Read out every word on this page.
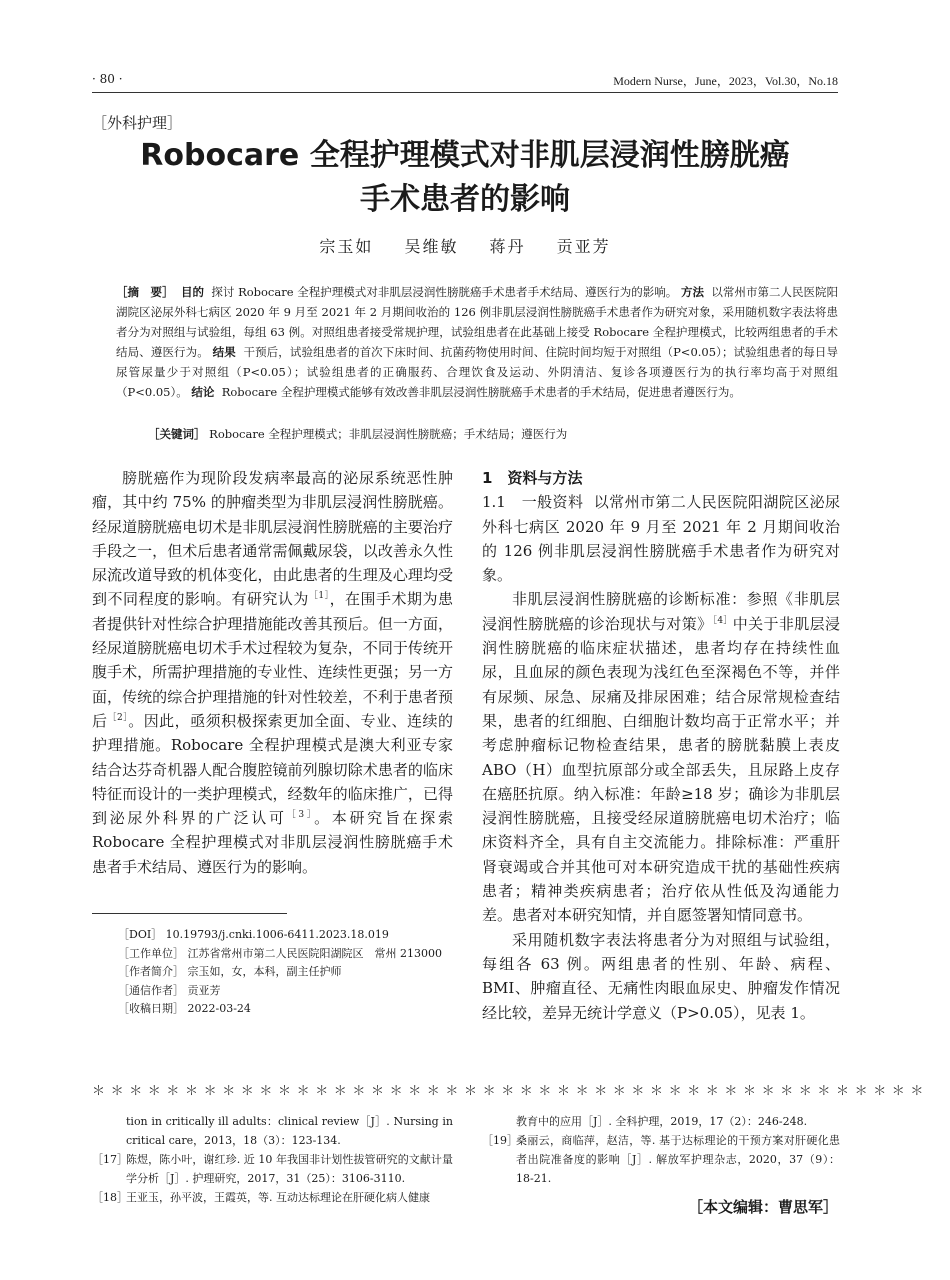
· 80 ·	Modern Nurse，June，2023，Vol.30，No.18
［外科护理］
Robocare 全程护理模式对非肌层浸润性膀胱癌
手术患者的影响
宗玉如 吴维敏 蒋丹 贡亚芳
［摘　要］ 目的 探讨 Robocare 全程护理模式对非肌层浸润性膀胱癌手术患者手术结局、遵医行为的影响。 方法 以常州市第二人民医院阳湖院区泌尿外科七病区 2020 年 9 月至 2021 年 2 月期间收治的 126 例非肌层浸润性膀胱癌手术患者作为研究对象，采用随机数字表法将患者分为对照组与试验组，每组 63 例。对照组患者接受常规护理，试验组患者在此基础上接受 Robocare 全程护理模式，比较两组患者的手术结局、遵医行为。 结果 干预后，试验组患者的首次下床时间、抗菌药物使用时间、住院时间均短于对照组（P<0.05）；试验组患者的每日导尿管尿量少于对照组（P<0.05）；试验组患者的正确服药、合理饮食及运动、外阴清洁、复诊各项遵医行为的执行率均高于对照组（P<0.05）。 结论 Robocare 全程护理模式能够有效改善非肌层浸润性膀胱癌手术患者的手术结局，促进患者遵医行为。
［关键词］ Robocare 全程护理模式；非肌层浸润性膀胱癌；手术结局；遵医行为

膀胱癌作为现阶段发病率最高的泌尿系统恶性肿瘤，其中约 75% 的肿瘤类型为非肌层浸润性膀胱癌。经尿道膀胱癌电切术是非肌层浸润性膀胱癌的主要治疗手段之一，但术后患者通常需佩戴尿袋，以改善永久性尿流改道导致的机体变化，由此患者的生理及心理均受到不同程度的影响。有研究认为$^{[1]}$，在围手术期为患者提供针对性综合护理措施能改善其预后。但一方面，经尿道膀胱癌电切术手术过程较为复杂，不同于传统开腹手术，所需护理措施的专业性、连续性更强；另一方面，传统的综合护理措施的针对性较差，不利于患者预后$^{[2]}$。因此，亟须积极探索更加全面、专业、连续的护理措施。Robocare 全程护理模式是澳大利亚专家结合达芬奇机器人配合腹腔镜前列腺切除术患者的临床特征而设计的一类护理模式，经数年的临床推广，已得到泌尿外科界的广泛认可$^{[3]}$。本研究旨在探索 Robocare 全程护理模式对非肌层浸润性膀胱癌手术患者手术结局、遵医行为的影响。

1　资料与方法

1.1　一般资料 以常州市第二人民医院阳湖院区泌尿外科七病区 2020 年 9 月至 2021 年 2 月期间收治的 126 例非肌层浸润性膀胱癌手术患者作为研究对象。

非肌层浸润性膀胱癌的诊断标准：参照《非肌层浸润性膀胱癌的诊治现状与对策》$^{[4]}$中关于非肌层浸润性膀胱癌的临床症状描述，患者均存在持续性血尿，且血尿的颜色表现为浅红色至深褐色不等，并伴有尿频、尿急、尿痛及排尿困难；结合尿常规检查结果，患者的红细胞、白细胞计数均高于正常水平；并考虑肿瘤标记物检查结果，患者的膀胱黏膜上表皮 ABO（H）血型抗原部分或全部丢失，且尿路上皮存在癌胚抗原。纳入标准：年龄≥18 岁；确诊为非肌层浸润性膀胱癌，且接受经尿道膀胱癌电切术治疗；临床资料齐全，具有自主交流能力。排除标准：严重肝肾衰竭或合并其他可对本研究造成干扰的基础性疾病患者；精神类疾病患者；治疗依从性低及沟通能力差。患者对本研究知情，并自愿签署知情同意书。

采用随机数字表法将患者分为对照组与试验组，每组各 63 例。两组患者的性别、年龄、病程、BMI、肿瘤直径、无痛性肉眼血尿史、肿瘤发作情况经比较，差异无统计学意义（P>0.05），见表 1。

［DOI］ 10.19793/j.cnki.1006-6411.2023.18.019
［工作单位］ 江苏省常州市第二人民医院阳湖院区　常州 213000
［作者简介］ 宗玉如，女，本科，副主任护师
［通信作者］ 贡亚芳
［收稿日期］ 2022-03-24
＊＊＊＊＊＊＊＊＊＊＊＊＊＊＊＊＊＊＊＊＊＊＊＊＊＊＊＊＊＊＊＊＊＊＊＊＊＊＊＊＊＊＊＊＊
tion in critically ill adults：clinical review［J］. Nursing in critical care，2013，18（3）：123-134.
［17］
陈煜，陈小叶，谢红珍. 近 10 年我国非计划性拔管研究的文献计量学分析［J］. 护理研究，2017，31（25）：3106-3110.
［18］
王亚玉，孙平波，王霞英，等. 互动达标理论在肝硬化病人健康
教育中的应用［J］. 全科护理，2019，17（2）：246-248.
［19］
桑丽云，商临萍，赵洁，等. 基于达标理论的干预方案对肝硬化患者出院准备度的影响［J］. 解放军护理杂志，2020，37（9）：18-21.
［本文编辑：曹思军］
